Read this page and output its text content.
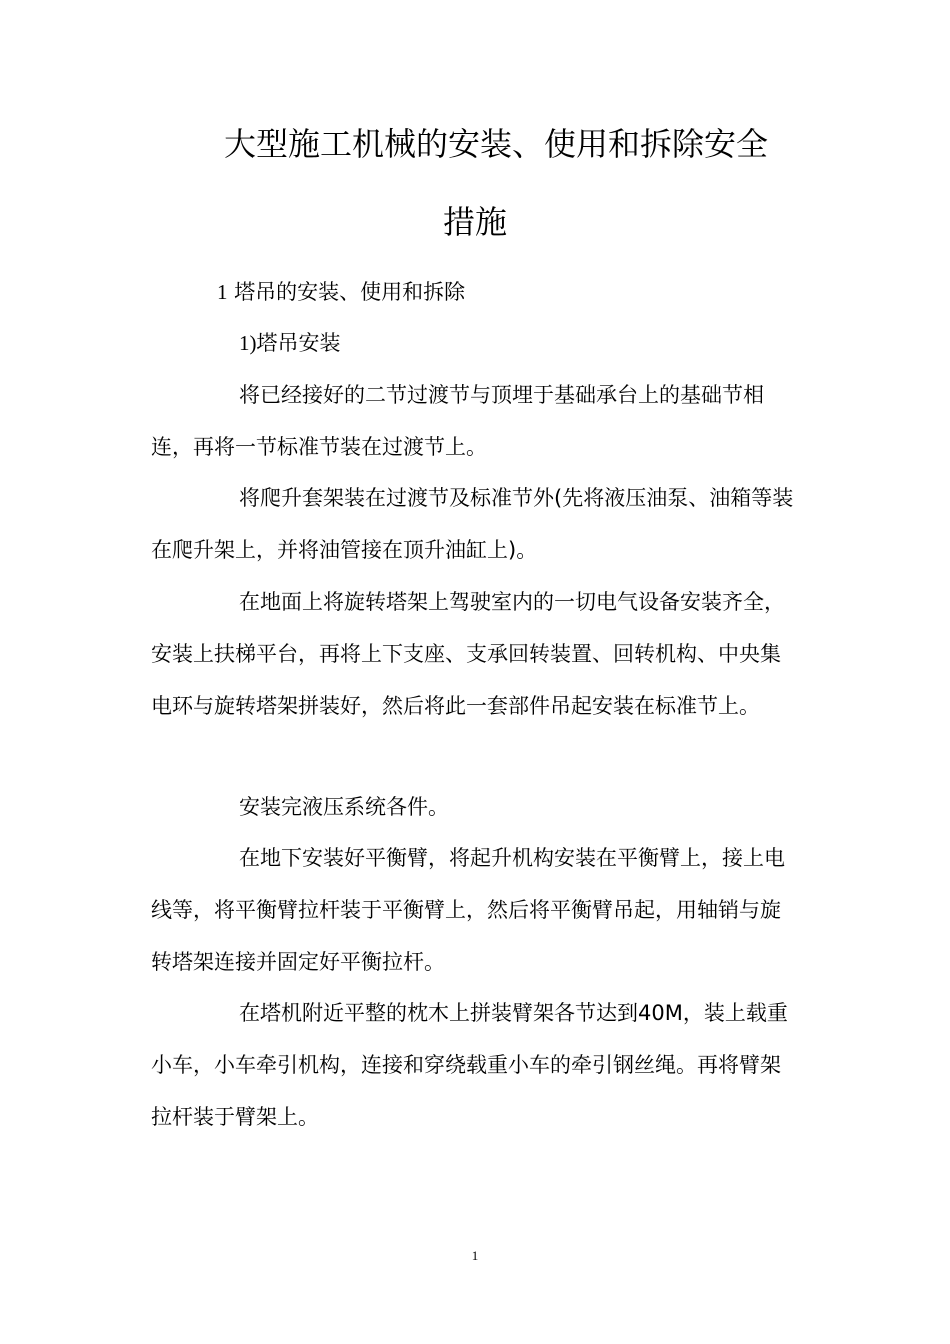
大型施工机械的安装、使用和拆除安全
措施
1 塔吊的安装、使用和拆除
1)塔吊安装

将已经接好的二节过渡节与顶埋于基础承台上的基础节相连，再将一节标准节装在过渡节上。

将爬升套架装在过渡节及标准节外(先将液压油泵、油箱等装在爬升架上，并将油管接在顶升油缸上)。

在地面上将旋转塔架上驾驶室内的一切电气设备安装齐全，安装上扶梯平台，再将上下支座、支承回转装置、回转机构、中央集电环与旋转塔架拼装好，然后将此一套部件吊起安装在标准节上。

安装完液压系统各件。

在地下安装好平衡臂，将起升机构安装在平衡臂上，接上电线等，将平衡臂拉杆装于平衡臂上，然后将平衡臂吊起，用轴销与旋转塔架连接并固定好平衡拉杆。

在塔机附近平整的枕木上拼装臂架各节达到40M，装上载重小车，小车牵引机构，连接和穿绕载重小车的牵引钢丝绳。再将臂架拉杆装于臂架上。

1
